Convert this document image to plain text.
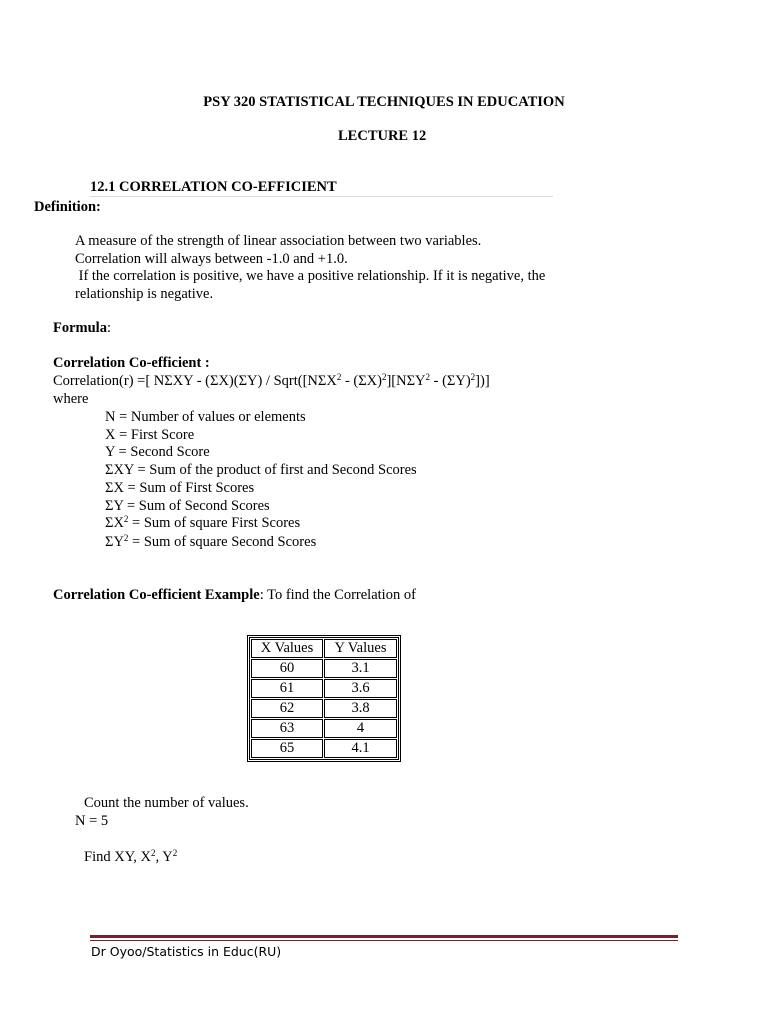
PSY 320 STATISTICAL TECHNIQUES IN EDUCATION
LECTURE 12
12.1 CORRELATION CO-EFFICIENT
Definition:
A measure of the strength of linear association between two variables.
Correlation will always between -1.0 and +1.0.
If the correlation is positive, we have a positive relationship. If it is negative, the
relationship is negative.
Formula:
Correlation Co-efficient :
Correlation(r) =[ NΣXY - (ΣX)(ΣY) / Sqrt([NΣX$^2$ - $(\Sigma X)^2][N\Sigma Y^2 - (\Sigma Y)^2]$)]
where
N = Number of values or elements
X = First Score
Y = Second Score
ΣXY = Sum of the product of first and Second Scores
ΣX = Sum of First Scores
ΣY = Sum of Second Scores
$\Sigma X^2$ = Sum of square First Scores
$\Sigma Y^2$ = Sum of square Second Scores
Correlation Co-efficient Example: To find the Correlation of
X Values	Y Values
60	3.1
61	3.6
62	3.8
63	4
65	4.1
Count the number of values.
N = 5
Find XY, $X^2$, $Y^2$
Dr Oyoo/Statistics in Educ(RU)
